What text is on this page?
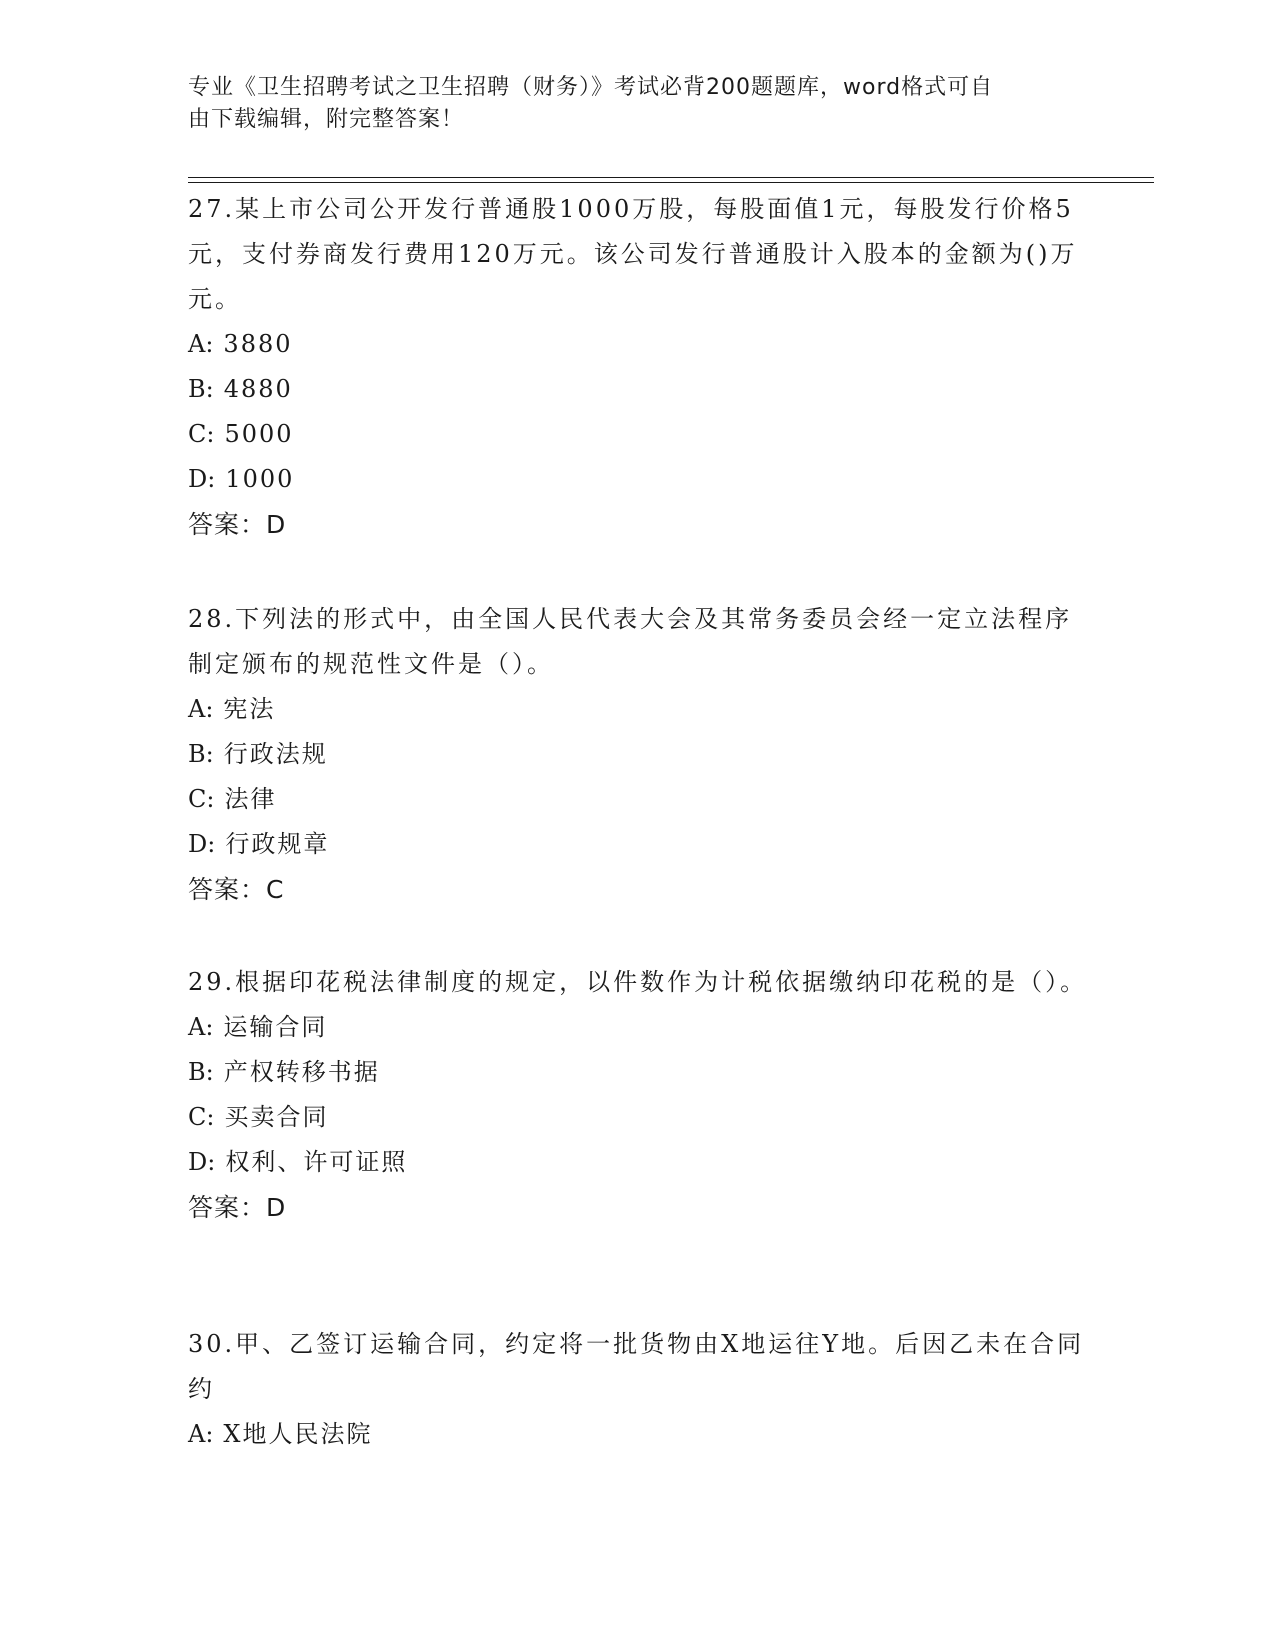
专业《卫生招聘考试之卫生招聘（财务）》考试必背200题题库，word格式可自
由下载编辑，附完整答案！

27.某上市公司公开发行普通股1000万股，每股面值1元，每股发行价格5元，支付券商发行费用120万元。该公司发行普通股计入股本的金额为()万元。

A: 3880
B: 4880
C: 5000
D: 1000
答案：D

28.下列法的形式中，由全国人民代表大会及其常务委员会经一定立法程序制定颁布的规范性文件是（）。

A: 宪法
B: 行政法规
C: 法律
D: 行政规章
答案：C

29.根据印花税法律制度的规定，以件数作为计税依据缴纳印花税的是（）。

A: 运输合同
B: 产权转移书据
C: 买卖合同
D: 权利、许可证照
答案：D

30.甲、乙签订运输合同，约定将一批货物由X地运往Y地。后因乙未在合同约

A: X地人民法院
